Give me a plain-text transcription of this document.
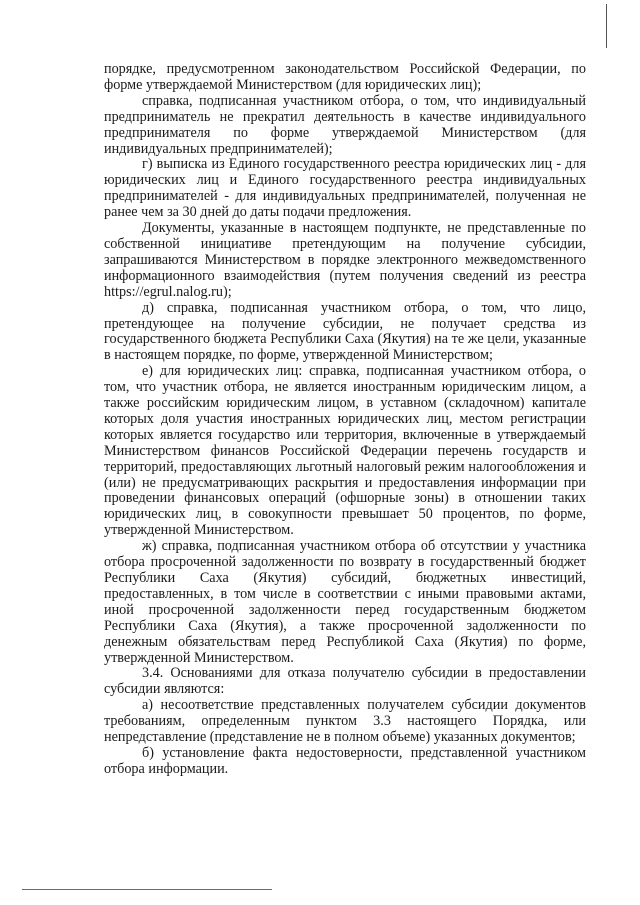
порядке, предусмотренном законодательством Российской Федерации, по форме утверждаемой Министерством (для юридических лиц);

справка, подписанная участником отбора, о том, что индивидуальный предприниматель не прекратил деятельность в качестве индивидуального предпринимателя по форме утверждаемой Министерством (для индивидуальных предпринимателей);

г) выписка из Единого государственного реестра юридических лиц - для юридических лиц и Единого государственного реестра индивидуальных предпринимателей - для индивидуальных предпринимателей, полученная не ранее чем за 30 дней до даты подачи предложения.

Документы, указанные в настоящем подпункте, не представленные по собственной инициативе претендующим на получение субсидии, запрашиваются Министерством в порядке электронного межведомственного информационного взаимодействия (путем получения сведений из реестра https://egrul.nalog.ru);

д) справка, подписанная участником отбора, о том, что лицо, претендующее на получение субсидии, не получает средства из государственного бюджета Республики Саха (Якутия) на те же цели, указанные в настоящем порядке, по форме, утвержденной Министерством;

е) для юридических лиц: справка, подписанная участником отбора, о том, что участник отбора, не является иностранным юридическим лицом, а также российским юридическим лицом, в уставном (складочном) капитале которых доля участия иностранных юридических лиц, местом регистрации которых является государство или территория, включенные в утверждаемый Министерством финансов Российской Федерации перечень государств и территорий, предоставляющих льготный налоговый режим налогообложения и (или) не предусматривающих раскрытия и предоставления информации при проведении финансовых операций (офшорные зоны) в отношении таких юридических лиц, в совокупности превышает 50 процентов, по форме, утвержденной Министерством.

ж) справка, подписанная участником отбора об отсутствии у участника отбора просроченной задолженности по возврату в государственный бюджет Республики Саха (Якутия) субсидий, бюджетных инвестиций, предоставленных, в том числе в соответствии с иными правовыми актами, иной просроченной задолженности перед государственным бюджетом Республики Саха (Якутия), а также просроченной задолженности по денежным обязательствам перед Республикой Саха (Якутия) по форме, утвержденной Министерством.

3.4. Основаниями для отказа получателю субсидии в предоставлении субсидии являются:

а) несоответствие представленных получателем субсидии документов требованиям, определенным пунктом 3.3 настоящего Порядка, или непредставление (представление не в полном объеме) указанных документов;

б) установление факта недостоверности, представленной участником отбора информации.
